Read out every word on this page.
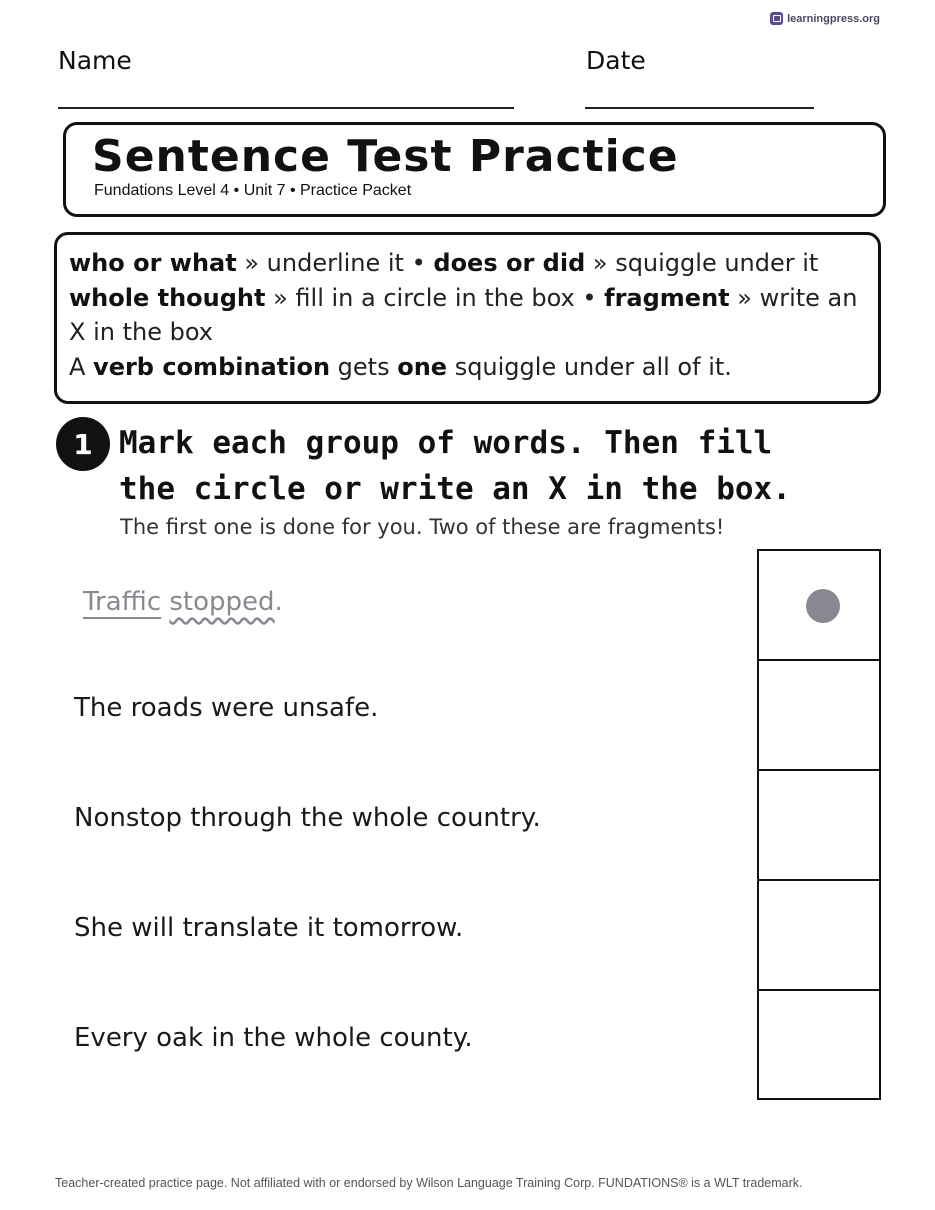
learningpress.org
Name	Date
Sentence Test Practice
Fundations Level 4 • Unit 7 • Practice Packet
who or what » underline it • does or did » squiggle under it
whole thought » fill in a circle in the box • fragment » write an X in the box
A verb combination gets one squiggle under all of it.
1 Mark each group of words. Then fill the circle or write an X in the box.
The first one is done for you. Two of these are fragments!
Traffic stopped.
The roads were unsafe.
Nonstop through the whole country.
She will translate it tomorrow.
Every oak in the whole county.
Teacher-created practice page. Not affiliated with or endorsed by Wilson Language Training Corp. FUNDATIONS® is a WLT trademark.
